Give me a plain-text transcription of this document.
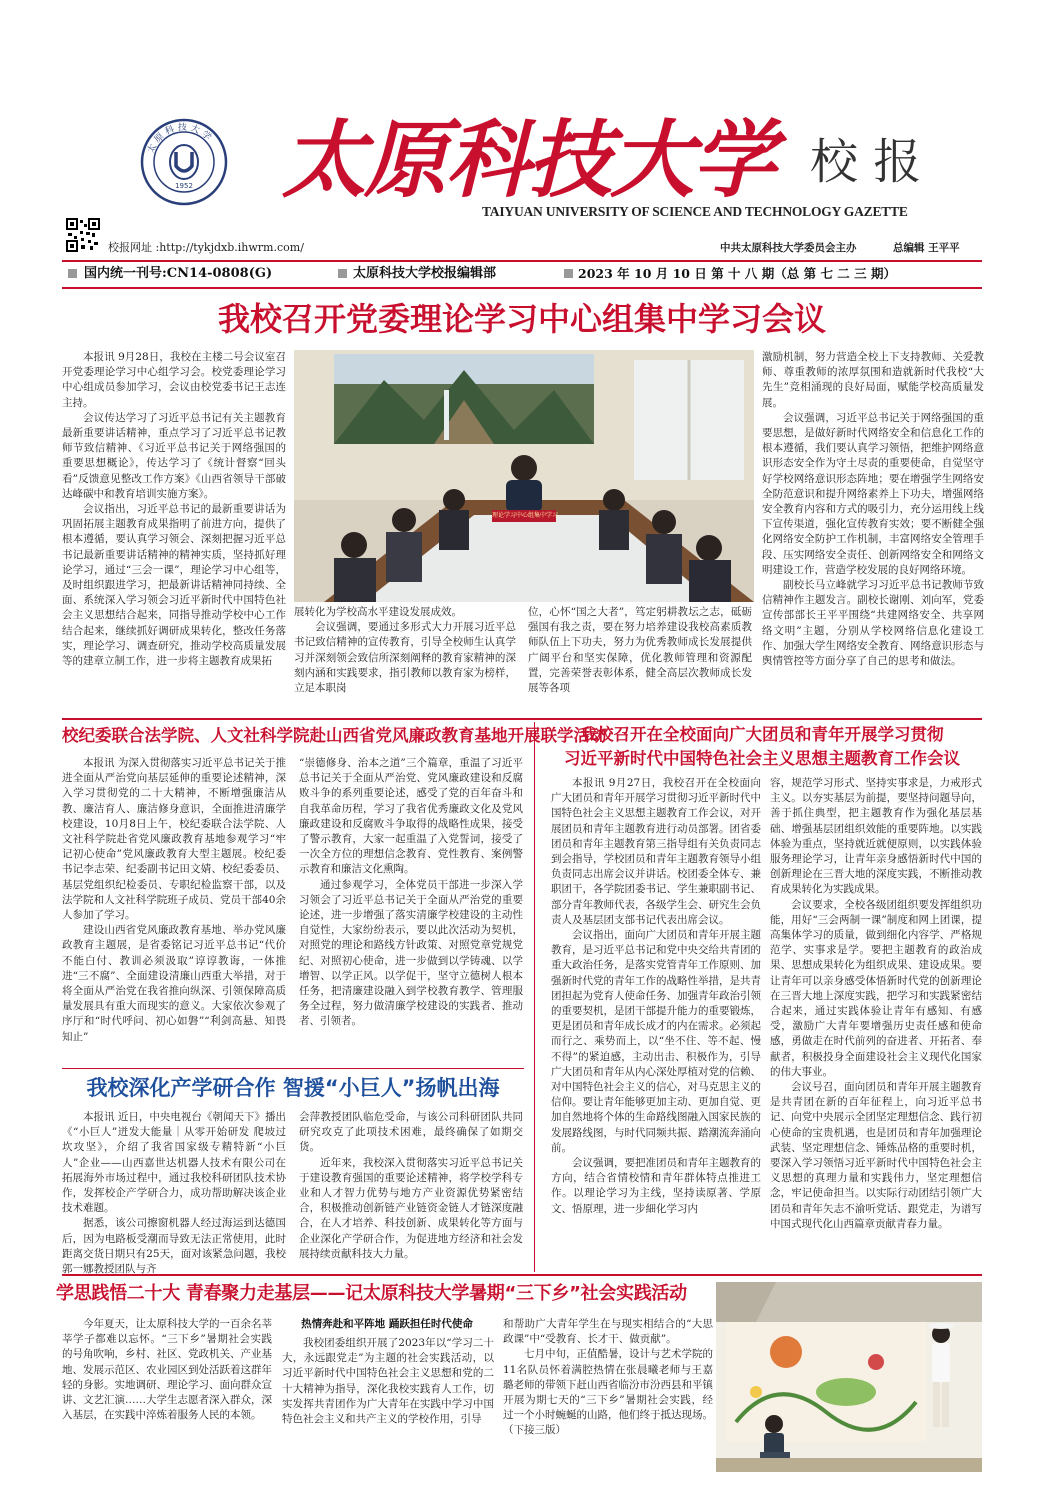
太原科技大学
1952 太原科技大学 校 报
TAIYUAN UNIVERSITY OF SCIENCE AND TECHNOLOGY GAZETTE
校报网址 :http://tykjdxb.ihwrm.com/	中共太原科技大学委员会主办	总编辑 王平平
国内统一刊号:CN14-0808(G)	太原科技大学校报编辑部	2023 年 10 月 10 日 第 十 八 期（总 第 七 二 三 期）
我校召开党委理论学习中心组集中学习会议

本报讯 9月28日，我校在主楼二号会议室召开党委理论学习中心组学习会。校党委理论学习中心组成员参加学习，会议由校党委书记王志连主持。

会议传达学习了习近平总书记有关主题教育最新重要讲话精神，重点学习了习近平总书记教师节致信精神、《习近平总书记关于网络强国的重要思想概论》，传达学习了《统计督察“回头看”反馈意见整改工作方案》《山西省领导干部破达峰碳中和教育培训实施方案》。

会议指出，习近平总书记的最新重要讲话为巩固拓展主题教育成果指明了前进方向，提供了根本遵循，要认真学习领会、深刻把握习近平总书记最新重要讲话精神的精神实质，坚持抓好理论学习，通过“三会一课”，理论学习中心组等，及时组织跟进学习，把最新讲话精神同持续、全面、系统深入学习领会习近平新时代中国特色社会主义思想结合起来，同指导推动学校中心工作结合起来，继续抓好调研成果转化，整改任务落实，理论学习、调查研究，推动学校高质量发展等的建章立制工作，进一步将主题教育成果拓

理论学习中心组集中学习

展转化为学校高水平建设发展成效。

会议强调，要通过多形式大力开展习近平总书记致信精神的宣传教育，引导全校师生认真学习并深刻领会致信所深刻阐释的教育家精神的深刻内涵和实践要求，指引教师以教育家为榜样，立足本职岗

位，心怀“国之大者”，笃定躬耕教坛之志，砥砺强国有我之责，要在努力培养建设我校高素质教师队伍上下功夫，努力为优秀教师成长发展提供广阔平台和坚实保障，优化教师管理和资源配置，完善荣誉表彰体系，健全高层次教师成长发展等各项

激励机制，努力营造全校上下支持教师、关爱教师、尊重教师的浓厚氛围和造就新时代我校“大先生”竞相涌现的良好局面，赋能学校高质量发展。

会议强调，习近平总书记关于网络强国的重要思想，是做好新时代网络安全和信息化工作的根本遵循，我们要认真学习领悟，把维护网络意识形态安全作为守土尽责的重要使命，自觉坚守好学校网络意识形态阵地；要在增强学生网络安全防范意识和提升网络素养上下功夫，增强网络安全教育内容和方式的吸引力，充分运用线上线下宣传渠道，强化宣传教育实效；要不断健全强化网络安全防护工作机制，丰富网络安全管理手段、压实网络安全责任、创新网络安全和网络文明建设工作，营造学校发展的良好网络环境。

副校长马立峰就学习习近平总书记教师节致信精神作主题发言。副校长谢刚、刘向军，党委宣传部部长王平平围绕“共建网络安全、共享网络文明”主题，分别从学校网络信息化建设工作、加强大学生网络安全教育、网络意识形态与舆情管控等方面分享了自己的思考和做法。

校纪委联合法学院、人文社科学院赴山西省党风廉政教育基地开展联学活动

本报讯 为深入贯彻落实习近平总书记关于推进全面从严治党向基层延伸的重要论述精神，深入学习贯彻党的二十大精神，不断增强廉洁从教、廉洁育人、廉洁修身意识，全面推进清廉学校建设，10月8日上午，校纪委联合法学院、人文社科学院赴省党风廉政教育基地参观学习“牢记初心使命”党风廉政教育大型主题展。校纪委书记李志荣、纪委副书记田文婧、校纪委委员、基层党组织纪检委员、专职纪检监察干部，以及法学院和人文社科学院班子成员、党员干部40余人参加了学习。

建设山西省党风廉政教育基地、举办党风廉政教育主题展，是省委铭记习近平总书记“代价不能白付、教训必须汲取”谆谆教诲，一体推进“三不腐”、全面建设清廉山西重大举措，对于将全面从严治党在我省推向纵深、引领保障高质量发展具有重大而现实的意义。大家依次参观了序厅和“时代呼问、初心如磐”“利剑高悬、知畏知止”

“崇德修身、治本之道”三个篇章，重温了习近平总书记关于全面从严治党、党风廉政建设和反腐败斗争的系列重要论述，感受了党的百年奋斗和自我革命历程，学习了我省优秀廉政文化及党风廉政建设和反腐败斗争取得的战略性成果，接受了警示教育，大家一起重温了入党誓词，接受了一次全方位的理想信念教育、党性教育、案例警示教育和廉洁文化熏陶。

通过参观学习，全体党员干部进一步深入学习领会了习近平总书记关于全面从严治党的重要论述，进一步增强了落实清廉学校建设的主动性自觉性，大家纷纷表示，要以此次活动为契机，对照党的理论和路线方针政策、对照党章党规党纪、对照初心使命，进一步做到以学铸魂、以学增智、以学正风。以学促干，坚守立德树人根本任务，把清廉建设融入到学校教育教学、管理服务全过程，努力做清廉学校建设的实践者、推动者、引领者。

我校深化产学研合作 智援“小巨人”扬帆出海

本报讯 近日，中央电视台《朝闻天下》播出《“小巨人”迸发大能量｜从零开始研发 爬坡过坎攻坚》，介绍了我省国家级专精特新“小巨人”企业——山西嘉世达机器人技术有限公司在拓展海外市场过程中，通过我校科研团队技术协作，发挥校企产学研合力，成功帮助解决该企业技术难题。

据悉，该公司擦窗机器人经过海运到达德国后，因为电路板受潮而导致无法正常使用，此时距离交货日期只有25天，面对该紧急问题，我校郭一娜教授团队与齐

会萍教授团队临危受命，与该公司科研团队共同研究攻克了此项技术困难，最终确保了如期交货。

近年来，我校深入贯彻落实习近平总书记关于建设教育强国的重要论述精神，将学校学科专业和人才智力优势与地方产业资源优势紧密结合，积极推动创新链产业链资金链人才链深度融合，在人才培养、科技创新、成果转化等方面与企业深化产学研合作，为促进地方经济和社会发展持续贡献科技大力量。

我校召开在全校面向广大团员和青年开展学习贯彻
习近平新时代中国特色社会主义思想主题教育工作会议

本报讯 9月27日，我校召开在全校面向广大团员和青年开展学习贯彻习近平新时代中国特色社会主义思想主题教育工作会议，对开展团员和青年主题教育进行动员部署。团省委团员和青年主题教育第三指导组有关负责同志到会指导，学校团员和青年主题教育领导小组负责同志出席会议并讲话。校团委全体专、兼职团干，各学院团委书记、学生兼职副书记、部分青年教师代表，各级学生会、研究生会负责人及基层团支部书记代表出席会议。

会议指出，面向广大团员和青年开展主题教育，是习近平总书记和党中央交给共青团的重大政治任务，是落实党管青年工作原则、加强新时代党的青年工作的战略性举措，是共青团担起为党育人使命任务、加强青年政治引领的重要契机，是团干部提升能力的重要锻炼，更是团员和青年成长成才的内在需求。必须起而行之、乘势而上，以“坐不住、等不起、慢不得”的紧迫感，主动出击、积极作为，引导广大团员和青年从内心深处厚植对党的信赖、对中国特色社会主义的信心，对马克思主义的信仰。要让青年能够更加主动、更加自觉、更加自然地将个体的生命路线图融入国家民族的发展路线图，与时代同频共振、踏潮流奔涌向前。

会议强调，要把准团员和青年主题教育的方向，结合省情校情和青年群体特点推进工作。以理论学习为主线，坚持读原著、学原文、悟原理，进一步細化学习内

容，规范学习形式、坚持实事求是，力戒形式主义。以夯实基层为前提，要坚持问题导向，善于抓住典型，把主题教育作为强化基层基础、增强基层团组织效能的重要阵地。以实践体验为重点，坚持就近就便原则，以实践体验服务理论学习，让青年亲身感悟新时代中国的创新理论在三晋大地的深度实践，不断推动教育成果转化为实践成果。

会议要求，全校各级团组织要发挥组织功能，用好“三会两制一课”制度和网上团课，提高集体学习的质量，做到细化内容学、严格规范学、实事求是学。要把主题教育的政治成果、思想成果转化为组织成果、建设成果。要让青年可以亲身感受体悟新时代党的创新理论在三晋大地上深度实践，把学习和实践紧密结合起来，通过实践体验让青年有感知、有感受，激励广大青年要增强历史责任感和使命感，勇做走在时代前列的奋进者、开拓者、奉献者，积极投身全面建设社会主义现代化国家的伟大事业。

会议号召，面向团员和青年开展主题教育是共青团在新的百年征程上，向习近平总书记、向党中央展示全团坚定理想信念、践行初心使命的宝贵机遇，也是团员和青年加强理论武装、坚定理想信念、锤炼品格的重要时机，要深入学习领悟习近平新时代中国特色社会主义思想的真理力量和实践伟力，坚定理想信念，牢记使命担当。以实际行动团结引领广大团员和青年矢志不渝听党话、跟党走，为谱写中国式现代化山西篇章贡献青春力量。

学思践悟二十大 青春聚力走基层——记太原科技大学暑期“三下乡”社会实践活动

今年夏天，让太原科技大学的一百余名莘莘学子都难以忘怀。“三下乡”暑期社会实践的号角吹响，乡村、社区、党政机关、产业基地、发展示范区、农业园区到处活跃着这群年轻的身影。实地调研、理论学习、面向群众宣讲、文艺汇演……大学生志愿者深入群众，深入基层，在实践中淬炼着服务人民的本领。

热情奔赴和平阵地 踊跃担任时代使命

我校团委组织开展了2023年以“学习二十大，永远跟党走”为主题的社会实践活动，以习近平新时代中国特色社会主义思想和党的二十大精神为指导，深化我校实践育人工作，切实发挥共青团作为广大青年在实践中学习中国特色社会主义和共产主义的学校作用，引导

和帮助广大青年学生在与现实相结合的“大思政课”中“受教育、长才干、做贡献”。

七月中旬，正值酷暑，设计与艺术学院的11名队员怀着满腔热情在张晨曦老师与王嘉璐老师的带领下赶山西省临汾市汾西县和平镇开展为期七天的“三下乡”暑期社会实践，经过一个小时蜿蜒的山路，他们终于抵达现场。（下接三版）
